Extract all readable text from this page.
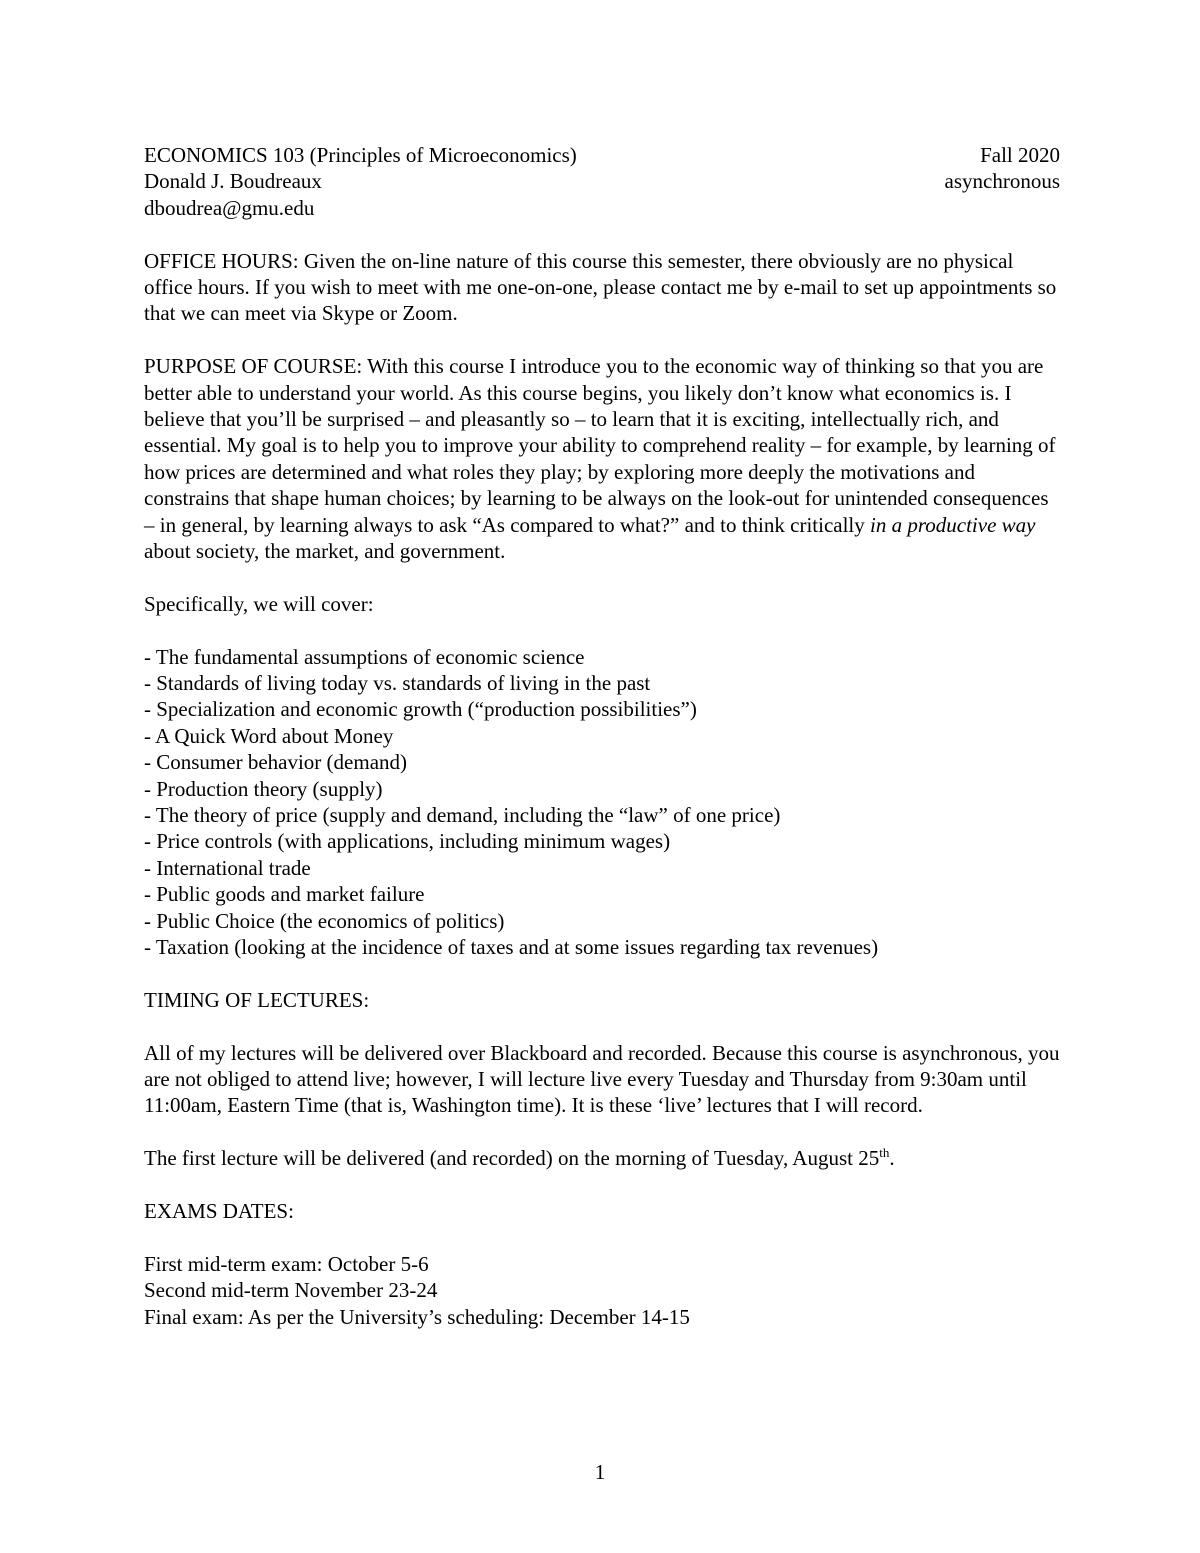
ECONOMICS 103 (Principles of Microeconomics)	Fall 2020
Donald J. Boudreaux	asynchronous
dboudrea@gmu.edu

OFFICE HOURS: Given the on-line nature of this course this semester, there obviously are no physical office hours. If you wish to meet with me one-on-one, please contact me by e-mail to set up appointments so that we can meet via Skype or Zoom.

PURPOSE OF COURSE: With this course I introduce you to the economic way of thinking so that you are better able to understand your world. As this course begins, you likely don’t know what economics is. I believe that you’ll be surprised – and pleasantly so – to learn that it is exciting, intellectually rich, and essential. My goal is to help you to improve your ability to comprehend reality – for example, by learning of how prices are determined and what roles they play; by exploring more deeply the motivations and constrains that shape human choices; by learning to be always on the look-out for unintended consequences – in general, by learning always to ask “As compared to what?” and to think critically in a productive way about society, the market, and government.

Specifically, we will cover:

- The fundamental assumptions of economic science
- Standards of living today vs. standards of living in the past
- Specialization and economic growth (“production possibilities”)
- A Quick Word about Money
- Consumer behavior (demand)
- Production theory (supply)
- The theory of price (supply and demand, including the “law” of one price)
- Price controls (with applications, including minimum wages)
- International trade
- Public goods and market failure
- Public Choice (the economics of politics)
- Taxation (looking at the incidence of taxes and at some issues regarding tax revenues)

TIMING OF LECTURES:

All of my lectures will be delivered over Blackboard and recorded. Because this course is asynchronous, you are not obliged to attend live; however, I will lecture live every Tuesday and Thursday from 9:30am until 11:00am, Eastern Time (that is, Washington time). It is these ‘live’ lectures that I will record.

The first lecture will be delivered (and recorded) on the morning of Tuesday, August 25th.

EXAMS DATES:

First mid-term exam: October 5-6
Second mid-term November 23-24
Final exam: As per the University’s scheduling: December 14-15
1
